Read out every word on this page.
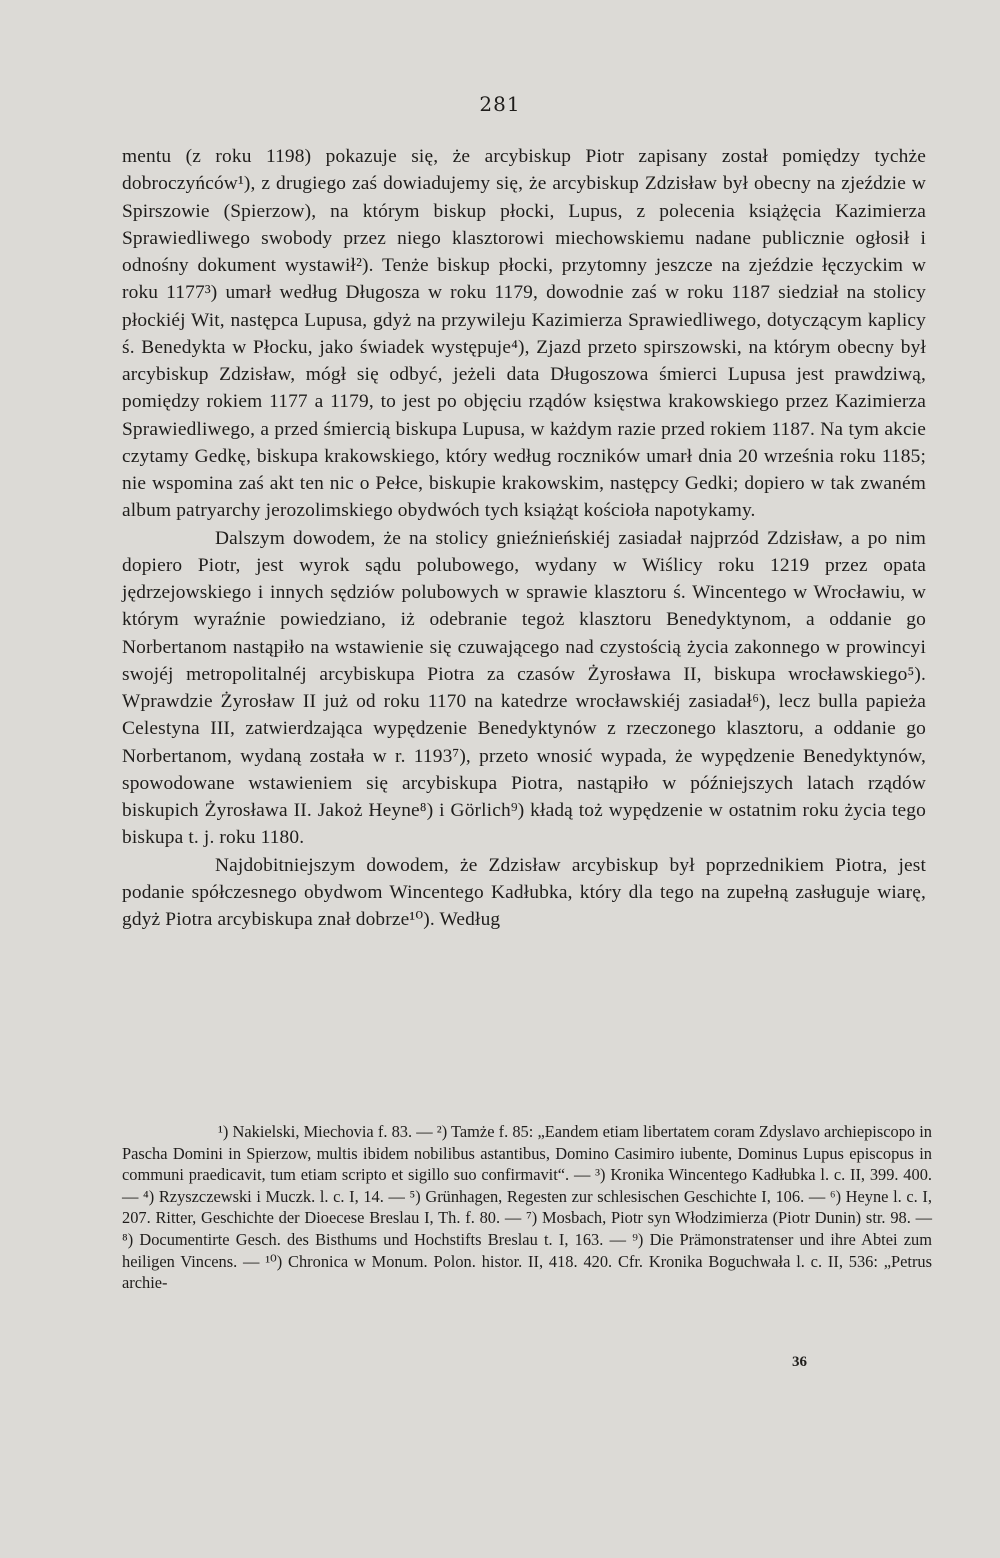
281

mentu (z roku 1198) pokazuje się, że arcybiskup Piotr zapisany został pomiędzy tychże dobroczyńców¹), z drugiego zaś dowiadujemy się, że arcybiskup Zdzisław był obecny na zjeździe w Spirszowie (Spierzow), na którym biskup płocki, Lupus, z polecenia książęcia Kazimierza Sprawiedliwego swobody przez niego klasztorowi miechowskiemu nadane publicznie ogłosił i odnośny dokument wystawił²). Tenże biskup płocki, przytomny jeszcze na zjeździe łęczyckim w roku 1177³) umarł według Długosza w roku 1179, dowodnie zaś w roku 1187 siedział na stolicy płockiéj Wit, następca Lupusa, gdyż na przywileju Kazimierza Sprawiedliwego, dotyczącym kaplicy ś. Benedykta w Płocku, jako świadek występuje⁴), Zjazd przeto spirszowski, na którym obecny był arcybiskup Zdzisław, mógł się odbyć, jeżeli data Długoszowa śmierci Lupusa jest prawdziwą, pomiędzy rokiem 1177 a 1179, to jest po objęciu rządów księstwa krakowskiego przez Kazimierza Sprawiedliwego, a przed śmiercią biskupa Lupusa, w każdym razie przed rokiem 1187. Na tym akcie czytamy Gedkę, biskupa krakowskiego, który według roczników umarł dnia 20 września roku 1185; nie wspomina zaś akt ten nic o Pełce, biskupie krakowskim, następcy Gedki; dopiero w tak zwaném album patryarchy jerozolimskiego obydwóch tych książąt kościoła napotykamy.

Dalszym dowodem, że na stolicy gnieźnieńskiéj zasiadał najprzód Zdzisław, a po nim dopiero Piotr, jest wyrok sądu polubowego, wydany w Wiślicy roku 1219 przez opata jędrzejowskiego i innych sędziów polubowych w sprawie klasztoru ś. Wincentego w Wrocławiu, w którym wyraźnie powiedziano, iż odebranie tegoż klasztoru Benedyktynom, a oddanie go Norbertanom nastąpiło na wstawienie się czuwającego nad czystością życia zakonnego w prowincyi swojéj metropolitalnéj arcybiskupa Piotra za czasów Żyrosława II, biskupa wrocławskiego⁵). Wprawdzie Żyrosław II już od roku 1170 na katedrze wrocławskiéj zasiadał⁶), lecz bulla papieża Celestyna III, zatwierdzająca wypędzenie Benedyktynów z rzeczonego klasztoru, a oddanie go Norbertanom, wydaną została w r. 1193⁷), przeto wnosić wypada, że wypędzenie Benedyktynów, spowodowane wstawieniem się arcybiskupa Piotra, nastąpiło w późniejszych latach rządów biskupich Żyrosława II. Jakoż Heyne⁸) i Görlich⁹) kładą toż wypędzenie w ostatnim roku życia tego biskupa t. j. roku 1180.

Najdobitniejszym dowodem, że Zdzisław arcybiskup był poprzednikiem Piotra, jest podanie spółczesnego obydwom Wincentego Kadłubka, który dla tego na zupełną zasługuje wiarę, gdyż Piotra arcybiskupa znał dobrze¹⁰). Według

¹) Nakielski, Miechovia f. 83. — ²) Tamże f. 85: „Eandem etiam libertatem coram Zdyslavo archiepiscopo in Pascha Domini in Spierzow, multis ibidem nobilibus astantibus, Domino Casimiro iubente, Dominus Lupus episcopus in communi praedicavit, tum etiam scripto et sigillo suo confirmavit“. — ³) Kronika Wincentego Kadłubka l. c. II, 399. 400. — ⁴) Rzyszczewski i Muczk. l. c. I, 14. — ⁵) Grünhagen, Regesten zur schlesischen Geschichte I, 106. — ⁶) Heyne l. c. I, 207. Ritter, Geschichte der Dioecese Breslau I, Th. f. 80. — ⁷) Mosbach, Piotr syn Włodzimierza (Piotr Dunin) str. 98. — ⁸) Documentirte Gesch. des Bisthums und Hochstifts Breslau t. I, 163. — ⁹) Die Prämonstratenser und ihre Abtei zum heiligen Vincens. — ¹⁰) Chronica w Monum. Polon. histor. II, 418. 420. Cfr. Kronika Boguchwała l. c. II, 536: „Petrus archie-

36
